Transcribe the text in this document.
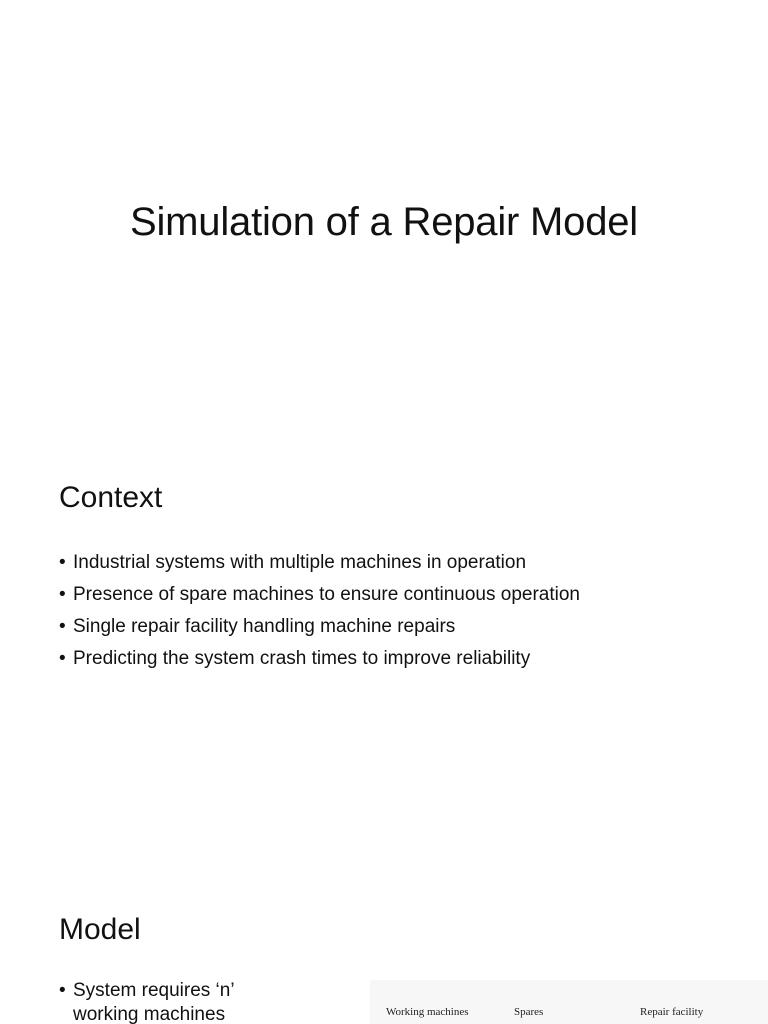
Simulation of a Repair Model
Context
• Industrial systems with multiple machines in operation
• Presence of spare machines to ensure continuous operation
• Single repair facility handling machine repairs
• Predicting the system crash times to improve reliability
Model
• System requires ‘n’ working machines	Working machines	Spares	Repair facility
